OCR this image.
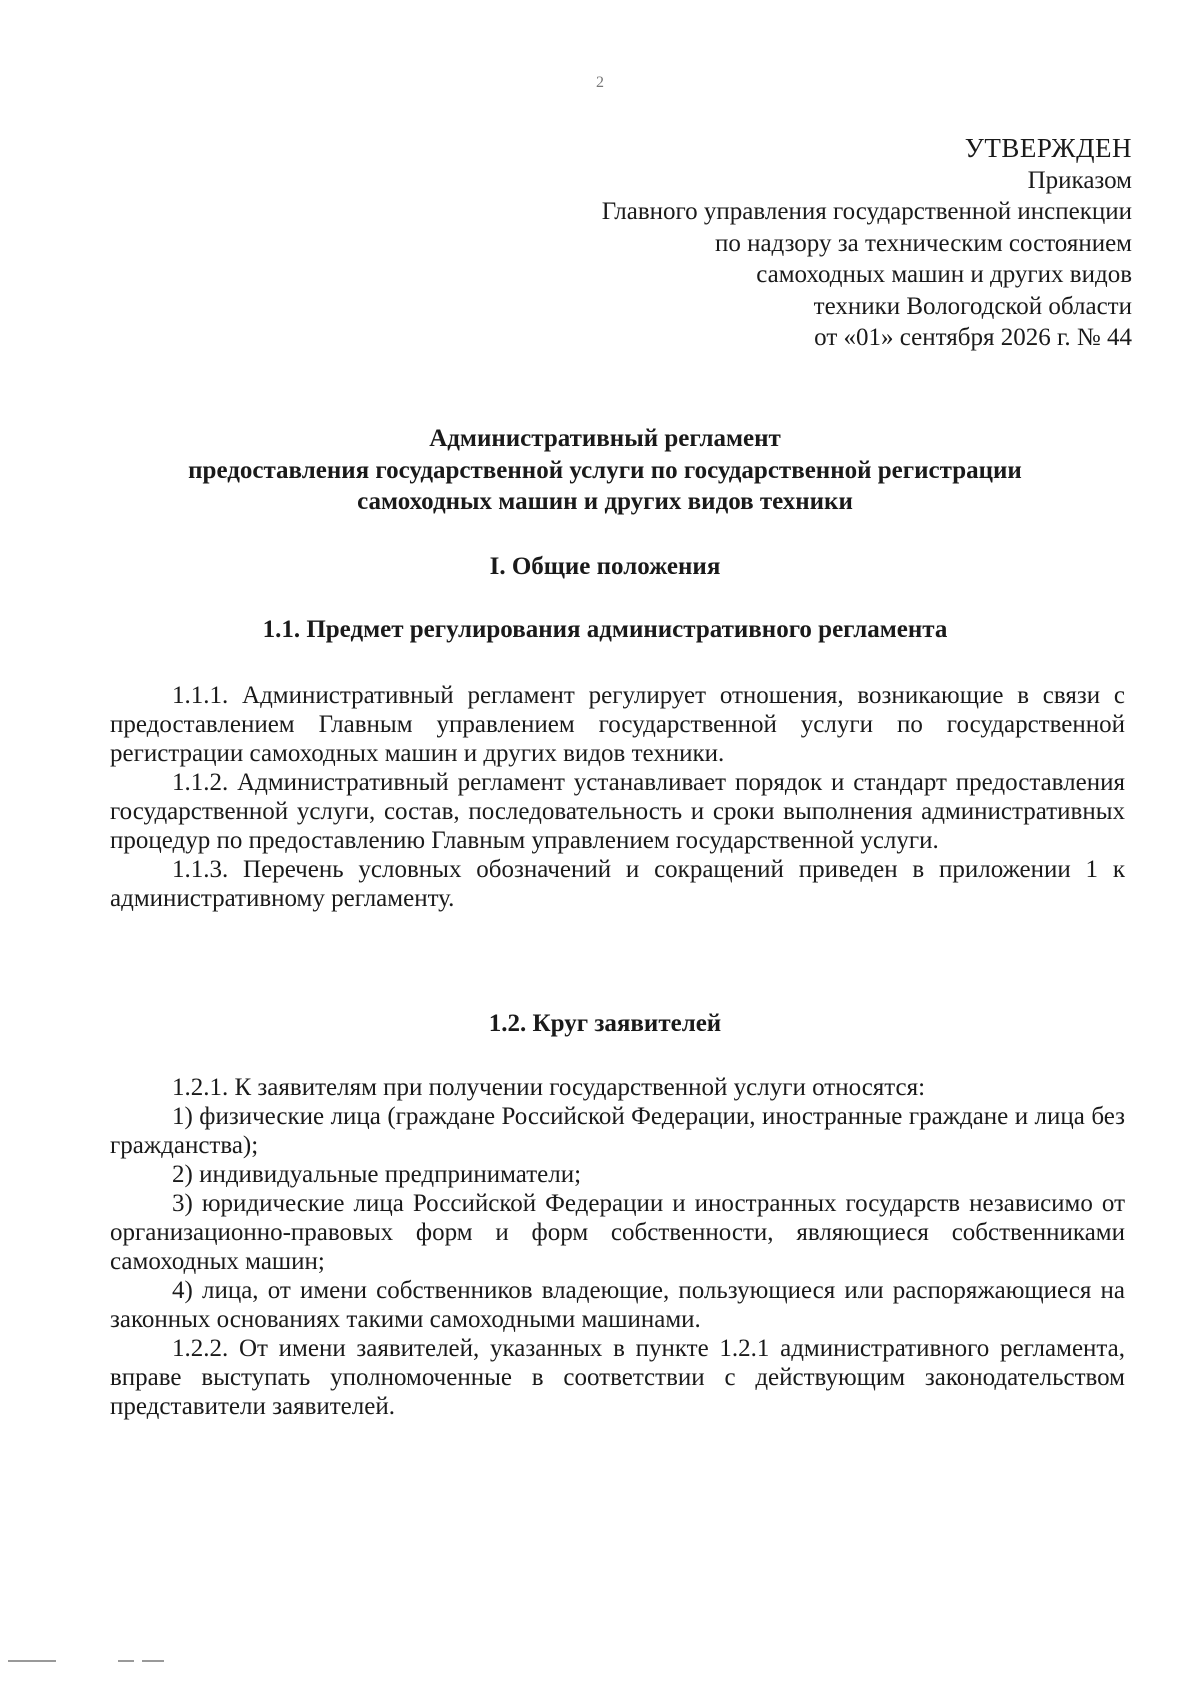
2
УТВЕРЖДЕН
Приказом
Главного управления государственной инспекции
по надзору за техническим состоянием
самоходных машин и других видов
техники Вологодской области
от «01» сентября 2026 г. № 44
Административный регламент
предоставления государственной услуги по государственной регистрации
самоходных машин и других видов техники
I. Общие положения
1.1. Предмет регулирования административного регламента

1.1.1. Административный регламент регулирует отношения, возникающие в связи с предоставлением Главным управлением государственной услуги по государственной регистрации самоходных машин и других видов техники.

1.1.2. Административный регламент устанавливает порядок и стандарт предоставления государственной услуги, состав, последовательность и сроки выполнения административных процедур по предоставлению Главным управлением государственной услуги.

1.1.3. Перечень условных обозначений и сокращений приведен в приложении 1 к административному регламенту.

1.2. Круг заявителей

1.2.1. К заявителям при получении государственной услуги относятся:

1) физические лица (граждане Российской Федерации, иностранные граждане и лица без гражданства);

2) индивидуальные предприниматели;

3) юридические лица Российской Федерации и иностранных государств независимо от организационно-правовых форм и форм собственности, являющиеся собственниками самоходных машин;

4) лица, от имени собственников владеющие, пользующиеся или распоряжающиеся на законных основаниях такими самоходными машинами.

1.2.2. От имени заявителей, указанных в пункте 1.2.1 административного регламента, вправе выступать уполномоченные в соответствии с действующим законодательством представители заявителей.
